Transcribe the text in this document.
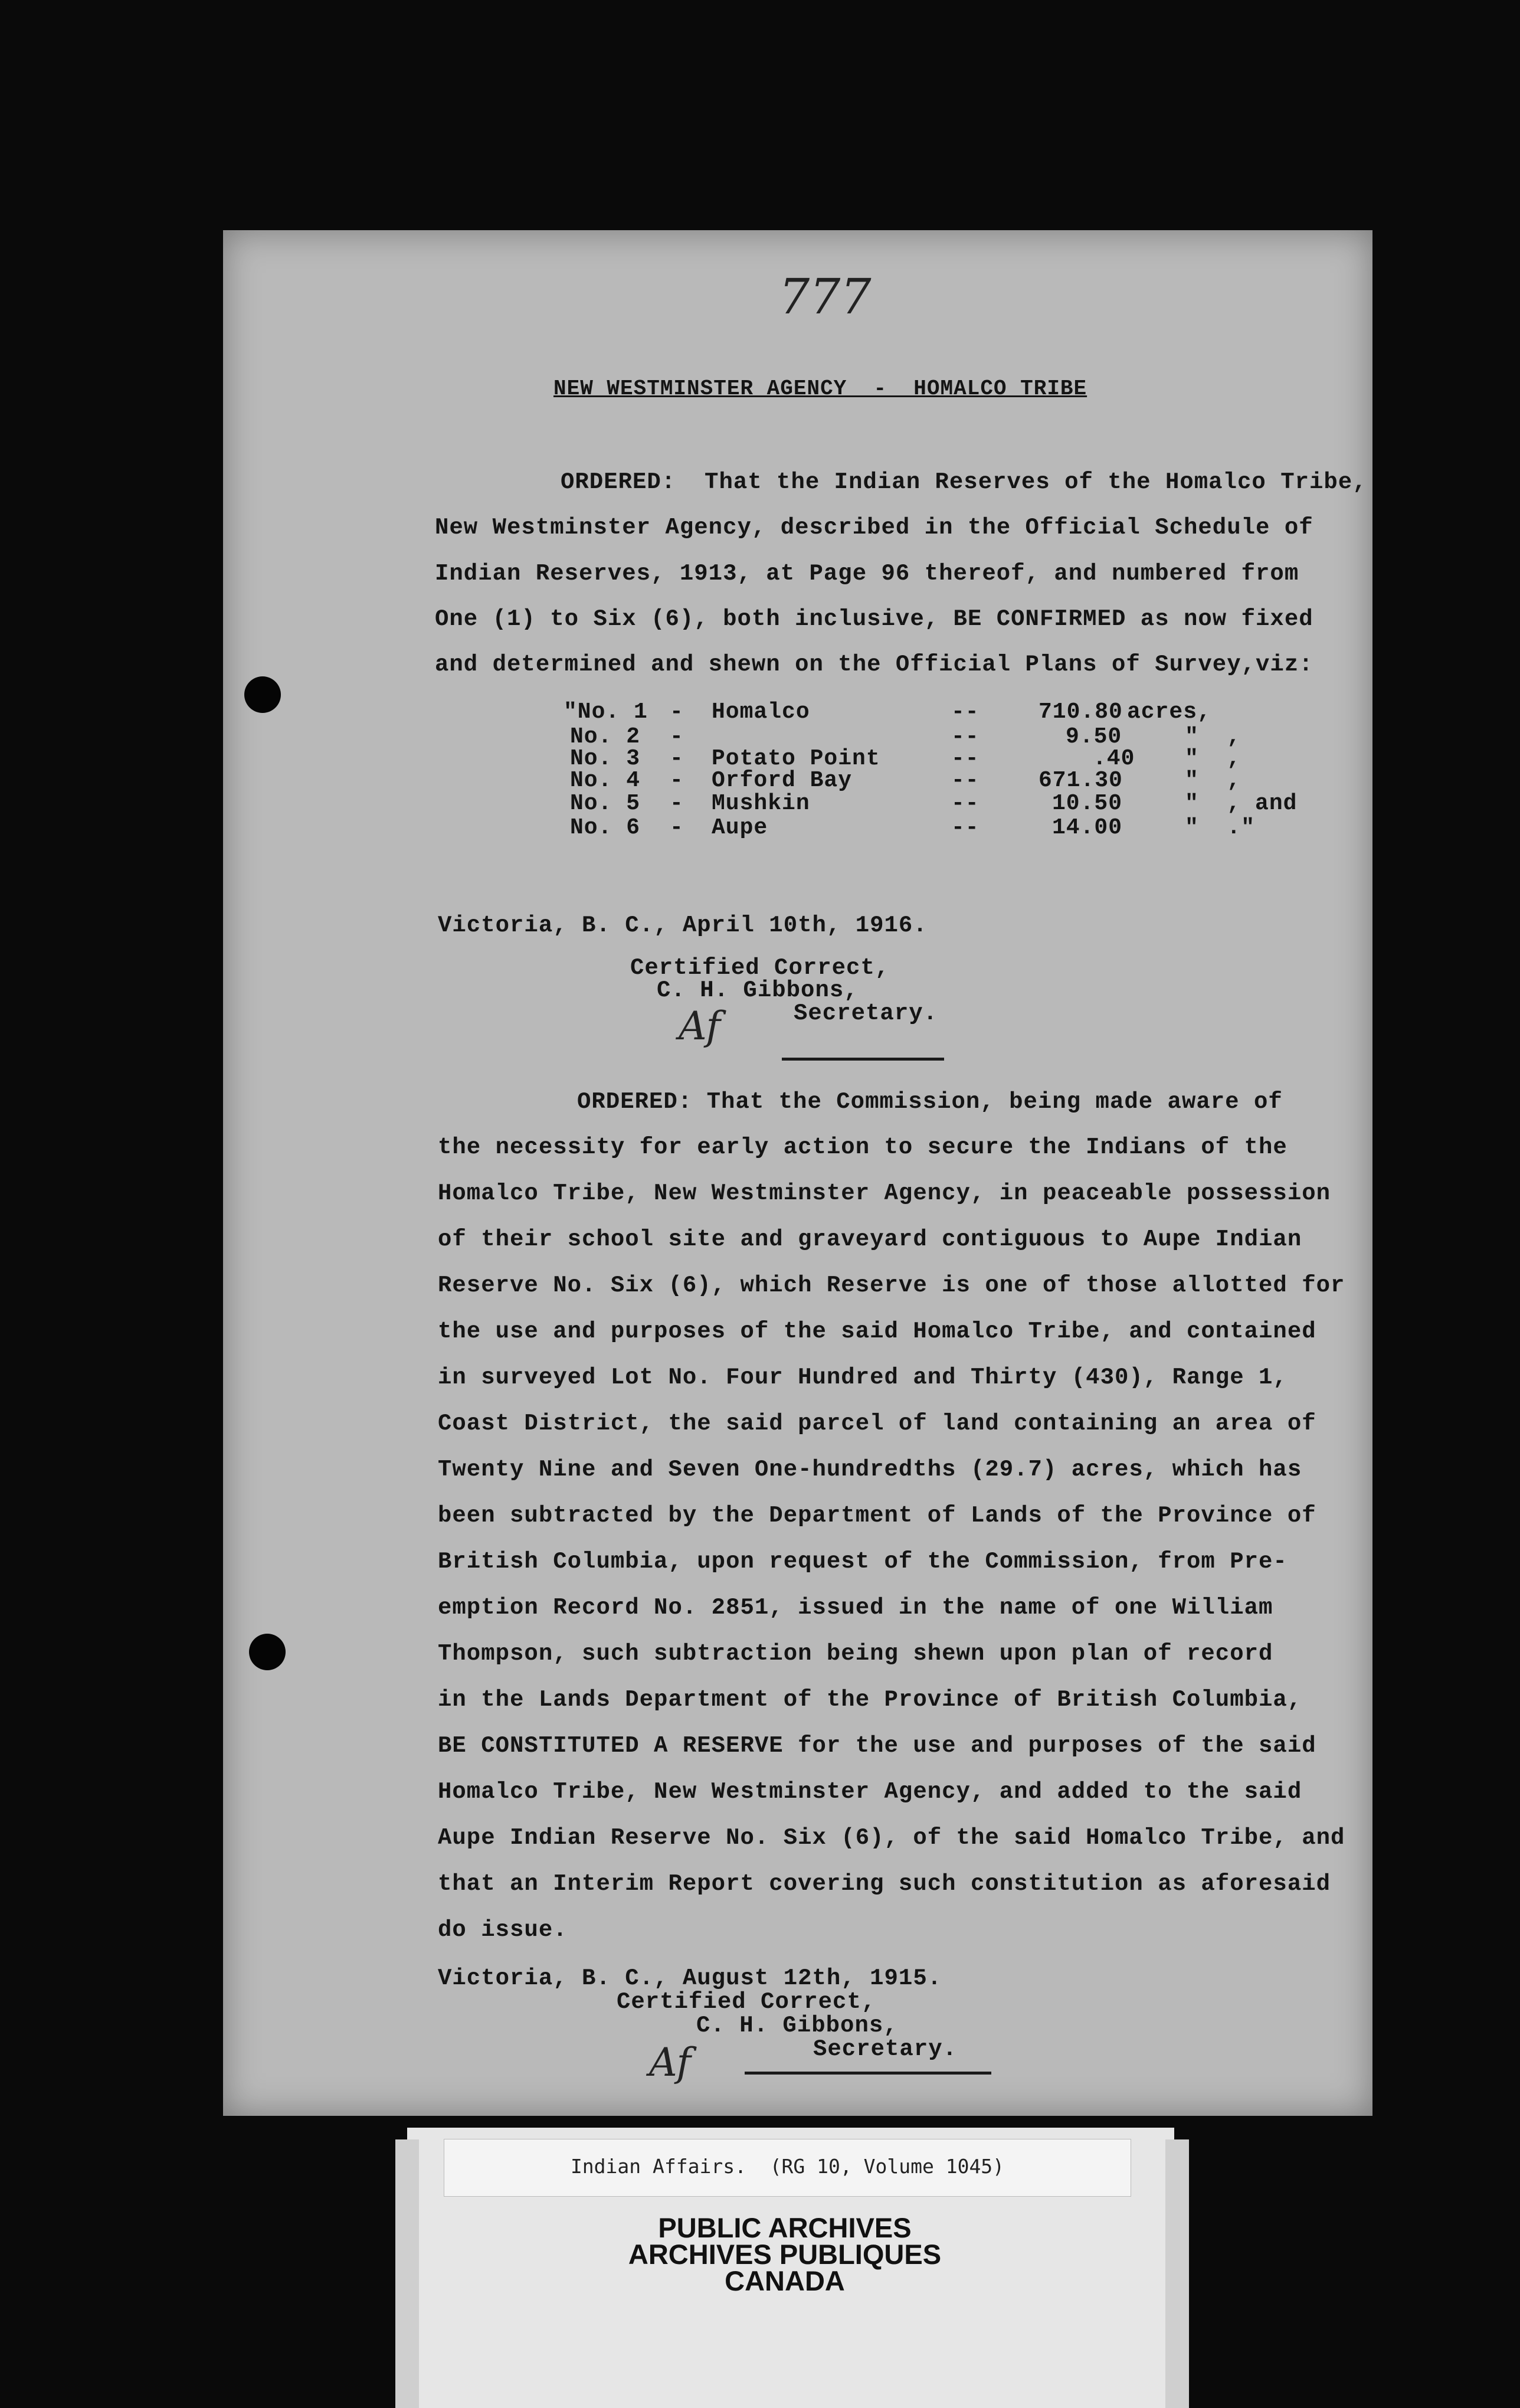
777
NEW WESTMINSTER AGENCY  -  HOMALCO TRIBE
ORDERED:  That the Indian Reserves of the Homalco Tribe,
New Westminster Agency, described in the Official Schedule of
Indian Reserves, 1913, at Page 96 thereof, and numbered from
One (1) to Six (6), both inclusive, BE CONFIRMED as now fixed
and determined and shewn on the Official Plans of Survey,viz:
"No. 1 - Homalco	--	710.80 acres,
No. 2 -	--	9.50	"  ,
No. 3 - Potato Point	--	.40 "  ,
No. 4 - Orford Bay	--	671.30	"  ,
No. 5 - Mushkin	--	10.50	"  , and
No. 6 - Aupe	--	14.00	"  ."
Victoria, B. C., April 10th, 1916.
Certified Correct,
C. H. Gibbons,
Secretary.
Af
ORDERED: That the Commission, being made aware of
the necessity for early action to secure the Indians of the
Homalco Tribe, New Westminster Agency, in peaceable possession
of their school site and graveyard contiguous to Aupe Indian
Reserve No. Six (6), which Reserve is one of those allotted for
the use and purposes of the said Homalco Tribe, and contained
in surveyed Lot No. Four Hundred and Thirty (430), Range 1,
Coast District, the said parcel of land containing an area of
Twenty Nine and Seven One-hundredths (29.7) acres, which has
been subtracted by the Department of Lands of the Province of
British Columbia, upon request of the Commission, from Pre-
emption Record No. 2851, issued in the name of one William
Thompson, such subtraction being shewn upon plan of record
in the Lands Department of the Province of British Columbia,
BE CONSTITUTED A RESERVE for the use and purposes of the said
Homalco Tribe, New Westminster Agency, and added to the said
Aupe Indian Reserve No. Six (6), of the said Homalco Tribe, and
that an Interim Report covering such constitution as aforesaid
do issue.
Victoria, B. C., August 12th, 1915.
Certified Correct,
C. H. Gibbons,
Secretary.
Af
Indian Affairs.  (RG 10, Volume 1045)
PUBLIC ARCHIVES
ARCHIVES PUBLIQUES
CANADA
